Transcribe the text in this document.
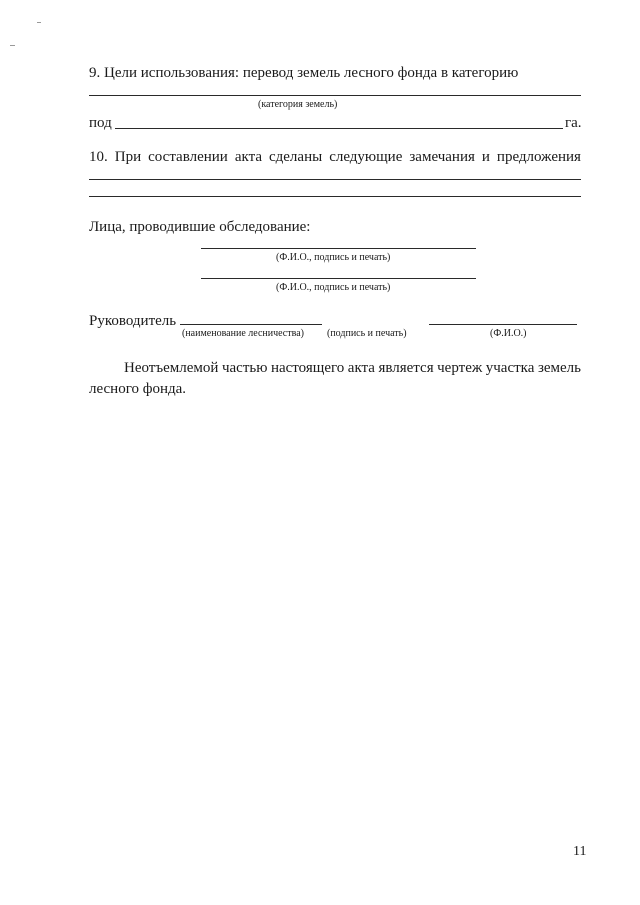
9. Цели использования: перевод земель лесного фонда в категорию
(категория земель)
под	га.
10. При составлении акта сделаны следующие замечания и предложения
Лица, проводившие обследование:
(Ф.И.О., подпись и печать)
(Ф.И.О., подпись и печать)
Руководитель
(наименование лесничества) (подпись и печать)	(Ф.И.О.)
Неотъемлемой частью настоящего акта является чертеж участка земель
лесного фонда.
11
